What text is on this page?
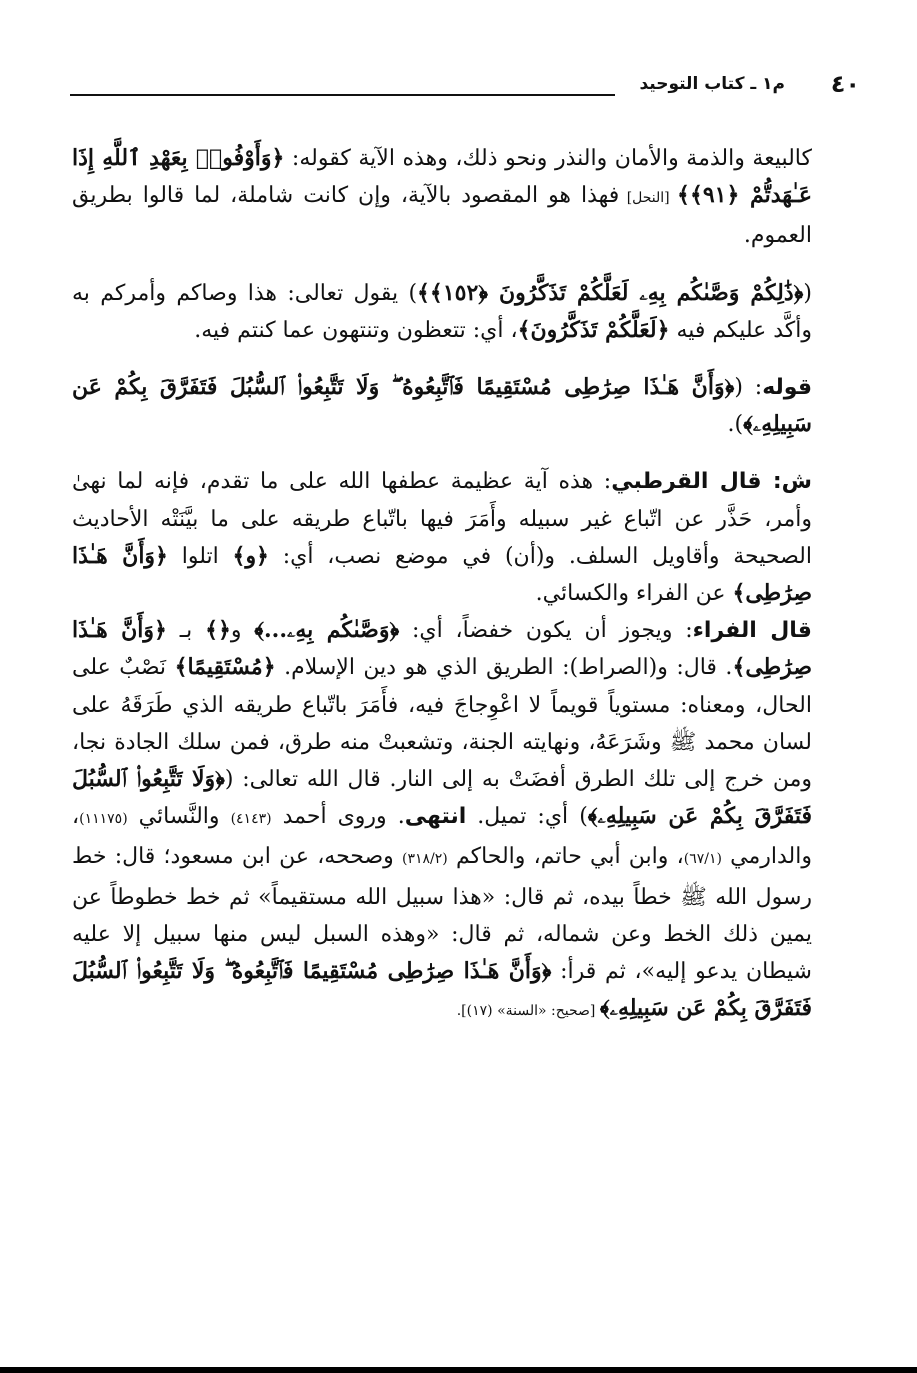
٤٠
م١ ـ كتاب التوحيد

كالبيعة والذمة والأمان والنذر ونحو ذلك، وهذه الآية كقوله: ﴿وَأَوْفُوا۟ بِعَهْدِ ٱللَّهِ إِذَا عَـٰهَدتُّمْ ﴿٩١﴾﴾ [النحل] فهذا هو المقصود بالآية، وإن كانت شاملة، لما قالوا بطريق العموم.

(﴿ذَٰلِكُمْ وَصَّىٰكُم بِهِۦ لَعَلَّكُمْ تَذَكَّرُونَ ﴿١٥٢﴾﴾) يقول تعالى: هذا وصاكم وأمركم به وأكَّد عليكم فيه ﴿لَعَلَّكُمْ تَذَكَّرُونَ﴾، أي: تتعظون وتنتهون عما كنتم فيه.

قوله: (﴿وَأَنَّ هَـٰذَا صِرَٰطِى مُسْتَقِيمًا فَٱتَّبِعُوهُ ۖ وَلَا تَتَّبِعُوا۟ ٱلسُّبُلَ فَتَفَرَّقَ بِكُمْ عَن سَبِيلِهِۦ﴾).

ش: قال القرطبي: هذه آية عظيمة عطفها الله على ما تقدم، فإنه لما نهىٰ وأمر، حَذَّر عن اتّباع غير سبيله وأَمَرَ فيها باتّباع طريقه على ما بيَّنَتْه الأحاديث الصحيحة وأقاويل السلف. و(أن) في موضع نصب، أي: ﴿و﴾ اتلوا ﴿وَأَنَّ هَـٰذَا صِرَٰطِى﴾ عن الفراء والكسائي.

قال الفراء: ويجوز أن يكون خفضاً، أي: ﴿وَصَّىٰكُم بِهِۦ...﴾ و﴿﴾ بـ ﴿وَأَنَّ هَـٰذَا صِرَٰطِى﴾. قال: و(الصراط): الطريق الذي هو دين الإسلام. ﴿مُسْتَقِيمًا﴾ نَصْبٌ على الحال، ومعناه: مستوياً قويماً لا اعْوِجاجَ فيه، فأَمَرَ باتّباع طريقه الذي طَرَقَهُ على لسان محمد ﷺ وشَرَعَهُ، ونهايته الجنة، وتشعبتْ منه طرق، فمن سلك الجادة نجا، ومن خرج إلى تلك الطرق أفضَتْ به إلى النار. قال الله تعالى: (﴿وَلَا تَتَّبِعُوا۟ ٱلسُّبُلَ فَتَفَرَّقَ بِكُمْ عَن سَبِيلِهِۦ﴾) أي: تميل. انتهى. وروى أحمد (٤١٤٣) والنَّسائي (١١١٧٥)، والدارمي (٦٧/١)، وابن أبي حاتم، والحاكم (٣١٨/٢) وصححه، عن ابن مسعود؛ قال: خط رسول الله ﷺ خطاً بيده، ثم قال: «هذا سبيل الله مستقيماً» ثم خط خطوطاً عن يمين ذلك الخط وعن شماله، ثم قال: «وهذه السبل ليس منها سبيل إلا عليه شيطان يدعو إليه»، ثم قرأ: ﴿وَأَنَّ هَـٰذَا صِرَٰطِى مُسْتَقِيمًا فَٱتَّبِعُوهُ ۖ وَلَا تَتَّبِعُوا۟ ٱلسُّبُلَ فَتَفَرَّقَ بِكُمْ عَن سَبِيلِهِۦ﴾ [صحيح: «السنة» (١٧)].
